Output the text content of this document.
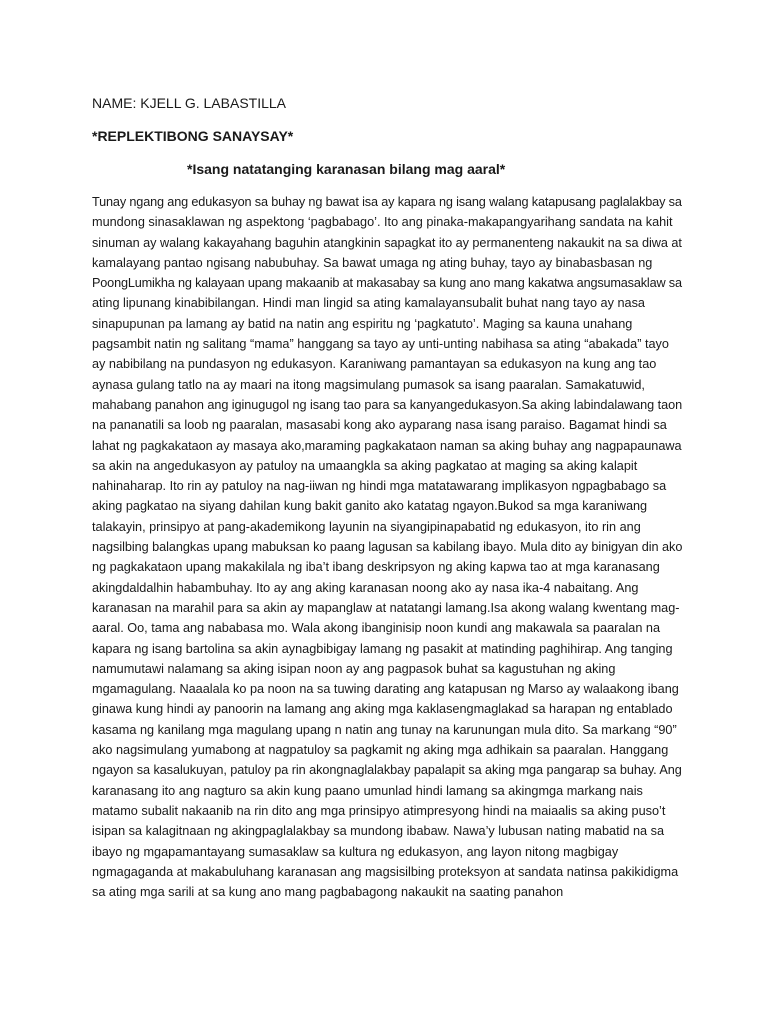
NAME: KJELL G. LABASTILLA
*REPLEKTIBONG SANAYSAY*
*Isang natatanging karanasan bilang mag aaral*
Tunay ngang ang edukasyon sa buhay ng bawat isa ay kapara ng isang walang katapusang paglalakbay sa
mundong sinasaklawan ng aspektong ‘pagbabago’. Ito ang pinaka-makapangyarihang sandata na kahit
sinuman ay walang kakayahang baguhin atangkinin sapagkat ito ay permanenteng nakaukit na sa diwa at
kamalayang pantao ngisang nabubuhay. Sa bawat umaga ng ating buhay, tayo ay binabasbasan ng
PoongLumikha ng kalayaan upang makaanib at makasabay sa kung ano mang kakatwa angsumasaklaw sa
ating lipunang kinabibilangan. Hindi man lingid sa ating kamalayansubalit buhat nang tayo ay nasa
sinapupunan pa lamang ay batid na natin ang espiritu ng ‘pagkatuto’. Maging sa kauna unahang
pagsambit natin ng salitang “mama” hanggang sa tayo ay unti-unting nabihasa sa ating “abakada” tayo
ay nabibilang na pundasyon ng edukasyon. Karaniwang pamantayan sa edukasyon na kung ang tao
aynasa gulang tatlo na ay maari na itong magsimulang pumasok sa isang paaralan. Samakatuwid,
mahabang panahon ang iginugugol ng isang tao para sa kanyangedukasyon.Sa aking labindalawang taon
na pananatili sa loob ng paaralan, masasabi kong ako ayparang nasa isang paraiso. Bagamat hindi sa
lahat ng pagkakataon ay masaya ako,maraming pagkakataon naman sa aking buhay ang nagpapaunawa
sa akin na angedukasyon ay patuloy na umaangkla sa aking pagkatao at maging sa aking kalapit
nahinaharap. Ito rin ay patuloy na nag-iiwan ng hindi mga matatawarang implikasyon ngpagbabago sa
aking pagkatao na siyang dahilan kung bakit ganito ako katatag ngayon.Bukod sa mga karaniwang
talakayin, prinsipyo at pang-akademikong layunin na siyangipinapabatid ng edukasyon, ito rin ang
nagsilbing balangkas upang mabuksan ko paang lagusan sa kabilang ibayo. Mula dito ay binigyan din ako
ng pagkakataon upang makakilala ng iba’t ibang deskripsyon ng aking kapwa tao at mga karanasang
akingdaldalhin habambuhay. Ito ay ang aking karanasan noong ako ay nasa ika-4 nabaitang. Ang
karanasan na marahil para sa akin ay mapanglaw at natatangi lamang.Isa akong walang kwentang mag-
aaral. Oo, tama ang nababasa mo. Wala akong ibanginisip noon kundi ang makawala sa paaralan na
kapara ng isang bartolina sa akin aynagbibigay lamang ng pasakit at matinding paghihirap. Ang tanging
namumutawi nalamang sa aking isipan noon ay ang pagpasok buhat sa kagustuhan ng aking
mgamagulang. Naaalala ko pa noon na sa tuwing darating ang katapusan ng Marso ay walaakong ibang
ginawa kung hindi ay panoorin na lamang ang aking mga kaklasengmaglakad sa harapan ng entablado
kasama ng kanilang mga magulang upang n natin ang tunay na karunungan mula dito. Sa markang “90”
ako nagsimulang yumabong at nagpatuloy sa pagkamit ng aking mga adhikain sa paaralan. Hanggang
ngayon sa kasalukuyan, patuloy pa rin akongnaglalakbay papalapit sa aking mga pangarap sa buhay. Ang
karanasang ito ang nagturo sa akin kung paano umunlad hindi lamang sa akingmga markang nais
matamo subalit nakaanib na rin dito ang mga prinsipyo atimpresyong hindi na maiaalis sa aking puso’t
isipan sa kalagitnaan ng akingpaglalakbay sa mundong ibabaw. Nawa’y lubusan nating mabatid na sa
ibayo ng mgapamantayang sumasaklaw sa kultura ng edukasyon, ang layon nitong magbigay
ngmagaganda at makabuluhang karanasan ang magsisilbing proteksyon at sandata natinsa pakikidigma
sa ating mga sarili at sa kung ano mang pagbabagong nakaukit na saating panahon
